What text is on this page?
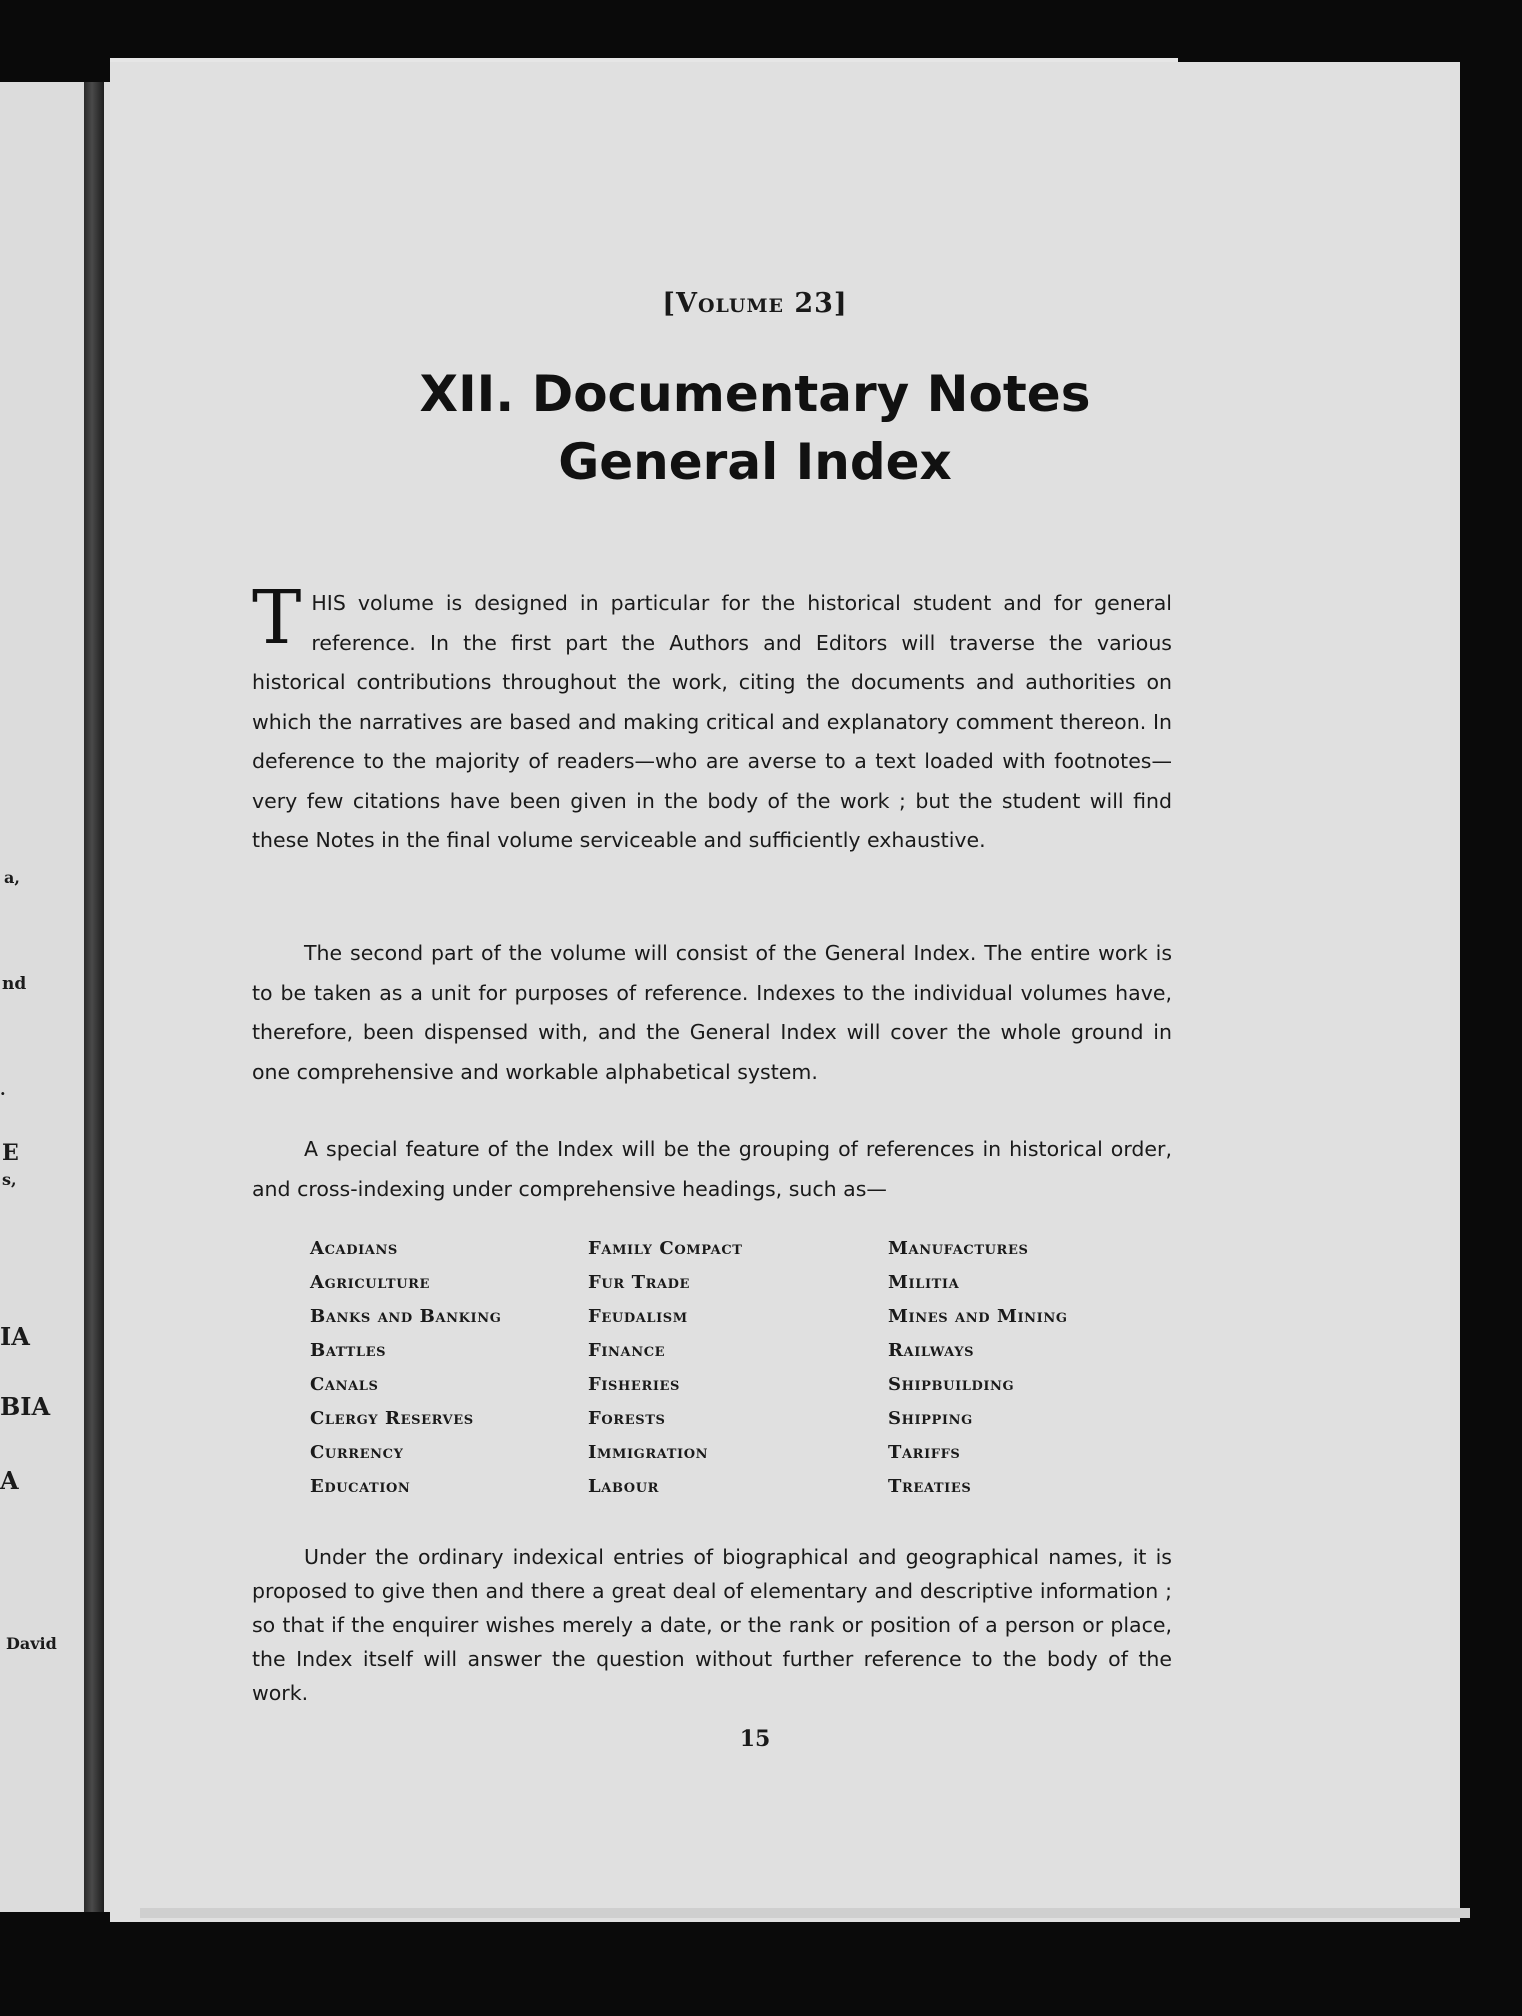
a,
nd
.
E
s,
IA
BIA
A
David
[Volume 23]
XII. Documentary Notes
General Index
THIS volume is designed in particular for the historical student and for general reference. In the first part the Authors and Editors will traverse the various historical contributions throughout the work, citing the documents and authorities on which the narratives are based and making critical and explanatory comment thereon. In deference to the majority of readers—who are averse to a text loaded with footnotes—very few citations have been given in the body of the work ; but the student will find these Notes in the final volume serviceable and sufficiently exhaustive.
The second part of the volume will consist of the General Index. The entire work is to be taken as a unit for purposes of reference. Indexes to the individual volumes have, therefore, been dispensed with, and the General Index will cover the whole ground in one comprehensive and workable alphabetical system.
A special feature of the Index will be the grouping of references in historical order, and cross-indexing under comprehensive headings, such as—
Acadians
Agriculture
Banks and Banking
Battles
Canals
Clergy Reserves
Currency
Education
Family Compact
Fur Trade
Feudalism
Finance
Fisheries
Forests
Immigration
Labour
Manufactures
Militia
Mines and Mining
Railways
Shipbuilding
Shipping
Tariffs
Treaties
Under the ordinary indexical entries of biographical and geographical names, it is proposed to give then and there a great deal of elementary and descriptive information ; so that if the enquirer wishes merely a date, or the rank or position of a person or place, the Index itself will answer the question without further reference to the body of the work.
15
